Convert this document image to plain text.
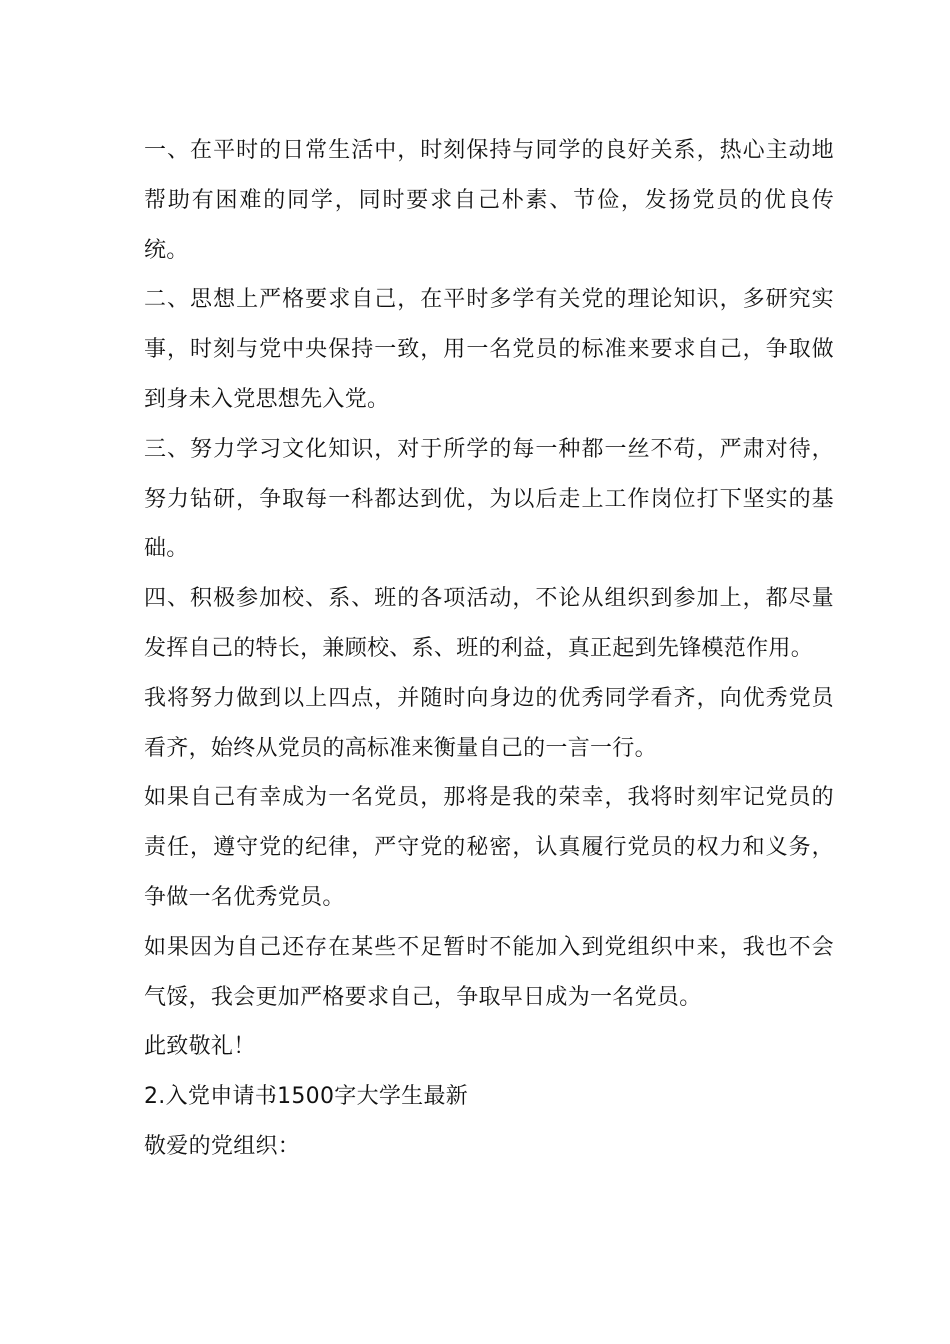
一、在平时的日常生活中，时刻保持与同学的良好关系，热心主动地帮助有困难的同学，同时要求自己朴素、节俭，发扬党员的优良传统。

二、思想上严格要求自己，在平时多学有关党的理论知识，多研究实事，时刻与党中央保持一致，用一名党员的标准来要求自己，争取做到身未入党思想先入党。

三、努力学习文化知识，对于所学的每一种都一丝不苟，严肃对待，努力钻研，争取每一科都达到优，为以后走上工作岗位打下坚实的基础。

四、积极参加校、系、班的各项活动，不论从组织到参加上，都尽量发挥自己的特长，兼顾校、系、班的利益，真正起到先锋模范作用。

我将努力做到以上四点，并随时向身边的优秀同学看齐，向优秀党员看齐，始终从党员的高标准来衡量自己的一言一行。

如果自己有幸成为一名党员，那将是我的荣幸，我将时刻牢记党员的责任，遵守党的纪律，严守党的秘密，认真履行党员的权力和义务，争做一名优秀党员。

如果因为自己还存在某些不足暂时不能加入到党组织中来，我也不会气馁，我会更加严格要求自己，争取早日成为一名党员。

此致敬礼！

2.入党申请书1500字大学生最新

敬爱的党组织：
